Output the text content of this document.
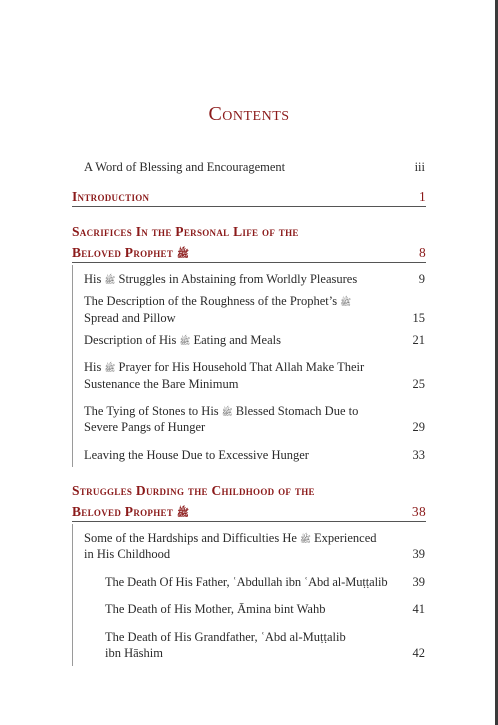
Contents
A Word of Blessing and Encouragement	iii
Introduction	1
Sacrifices In the Personal Life of the
Beloved Prophet ﷺ	8
His ﷺ Struggles in Abstaining from Worldly Pleasures	9
The Description of the Roughness of the Prophet’s ﷺ
Spread and Pillow	15
Description of His ﷺ Eating and Meals	21
His ﷺ Prayer for His Household That Allah Make Their
Sustenance the Bare Minimum	25
The Tying of Stones to His ﷺ Blessed Stomach Due to
Severe Pangs of Hunger	29
Leaving the House Due to Excessive Hunger	33
Struggles Durding the Childhood of the
Beloved Prophet ﷺ	38
Some of the Hardships and Difficulties He ﷺ Experienced
in His Childhood	39
The Death Of His Father, ʿAbdullah ibn ʿAbd al-Muṭṭalib 39
The Death of His Mother, Āmina bint Wahb	41
The Death of His Grandfather, ʿAbd al-Muṭṭalib
ibn Hāshim	42
